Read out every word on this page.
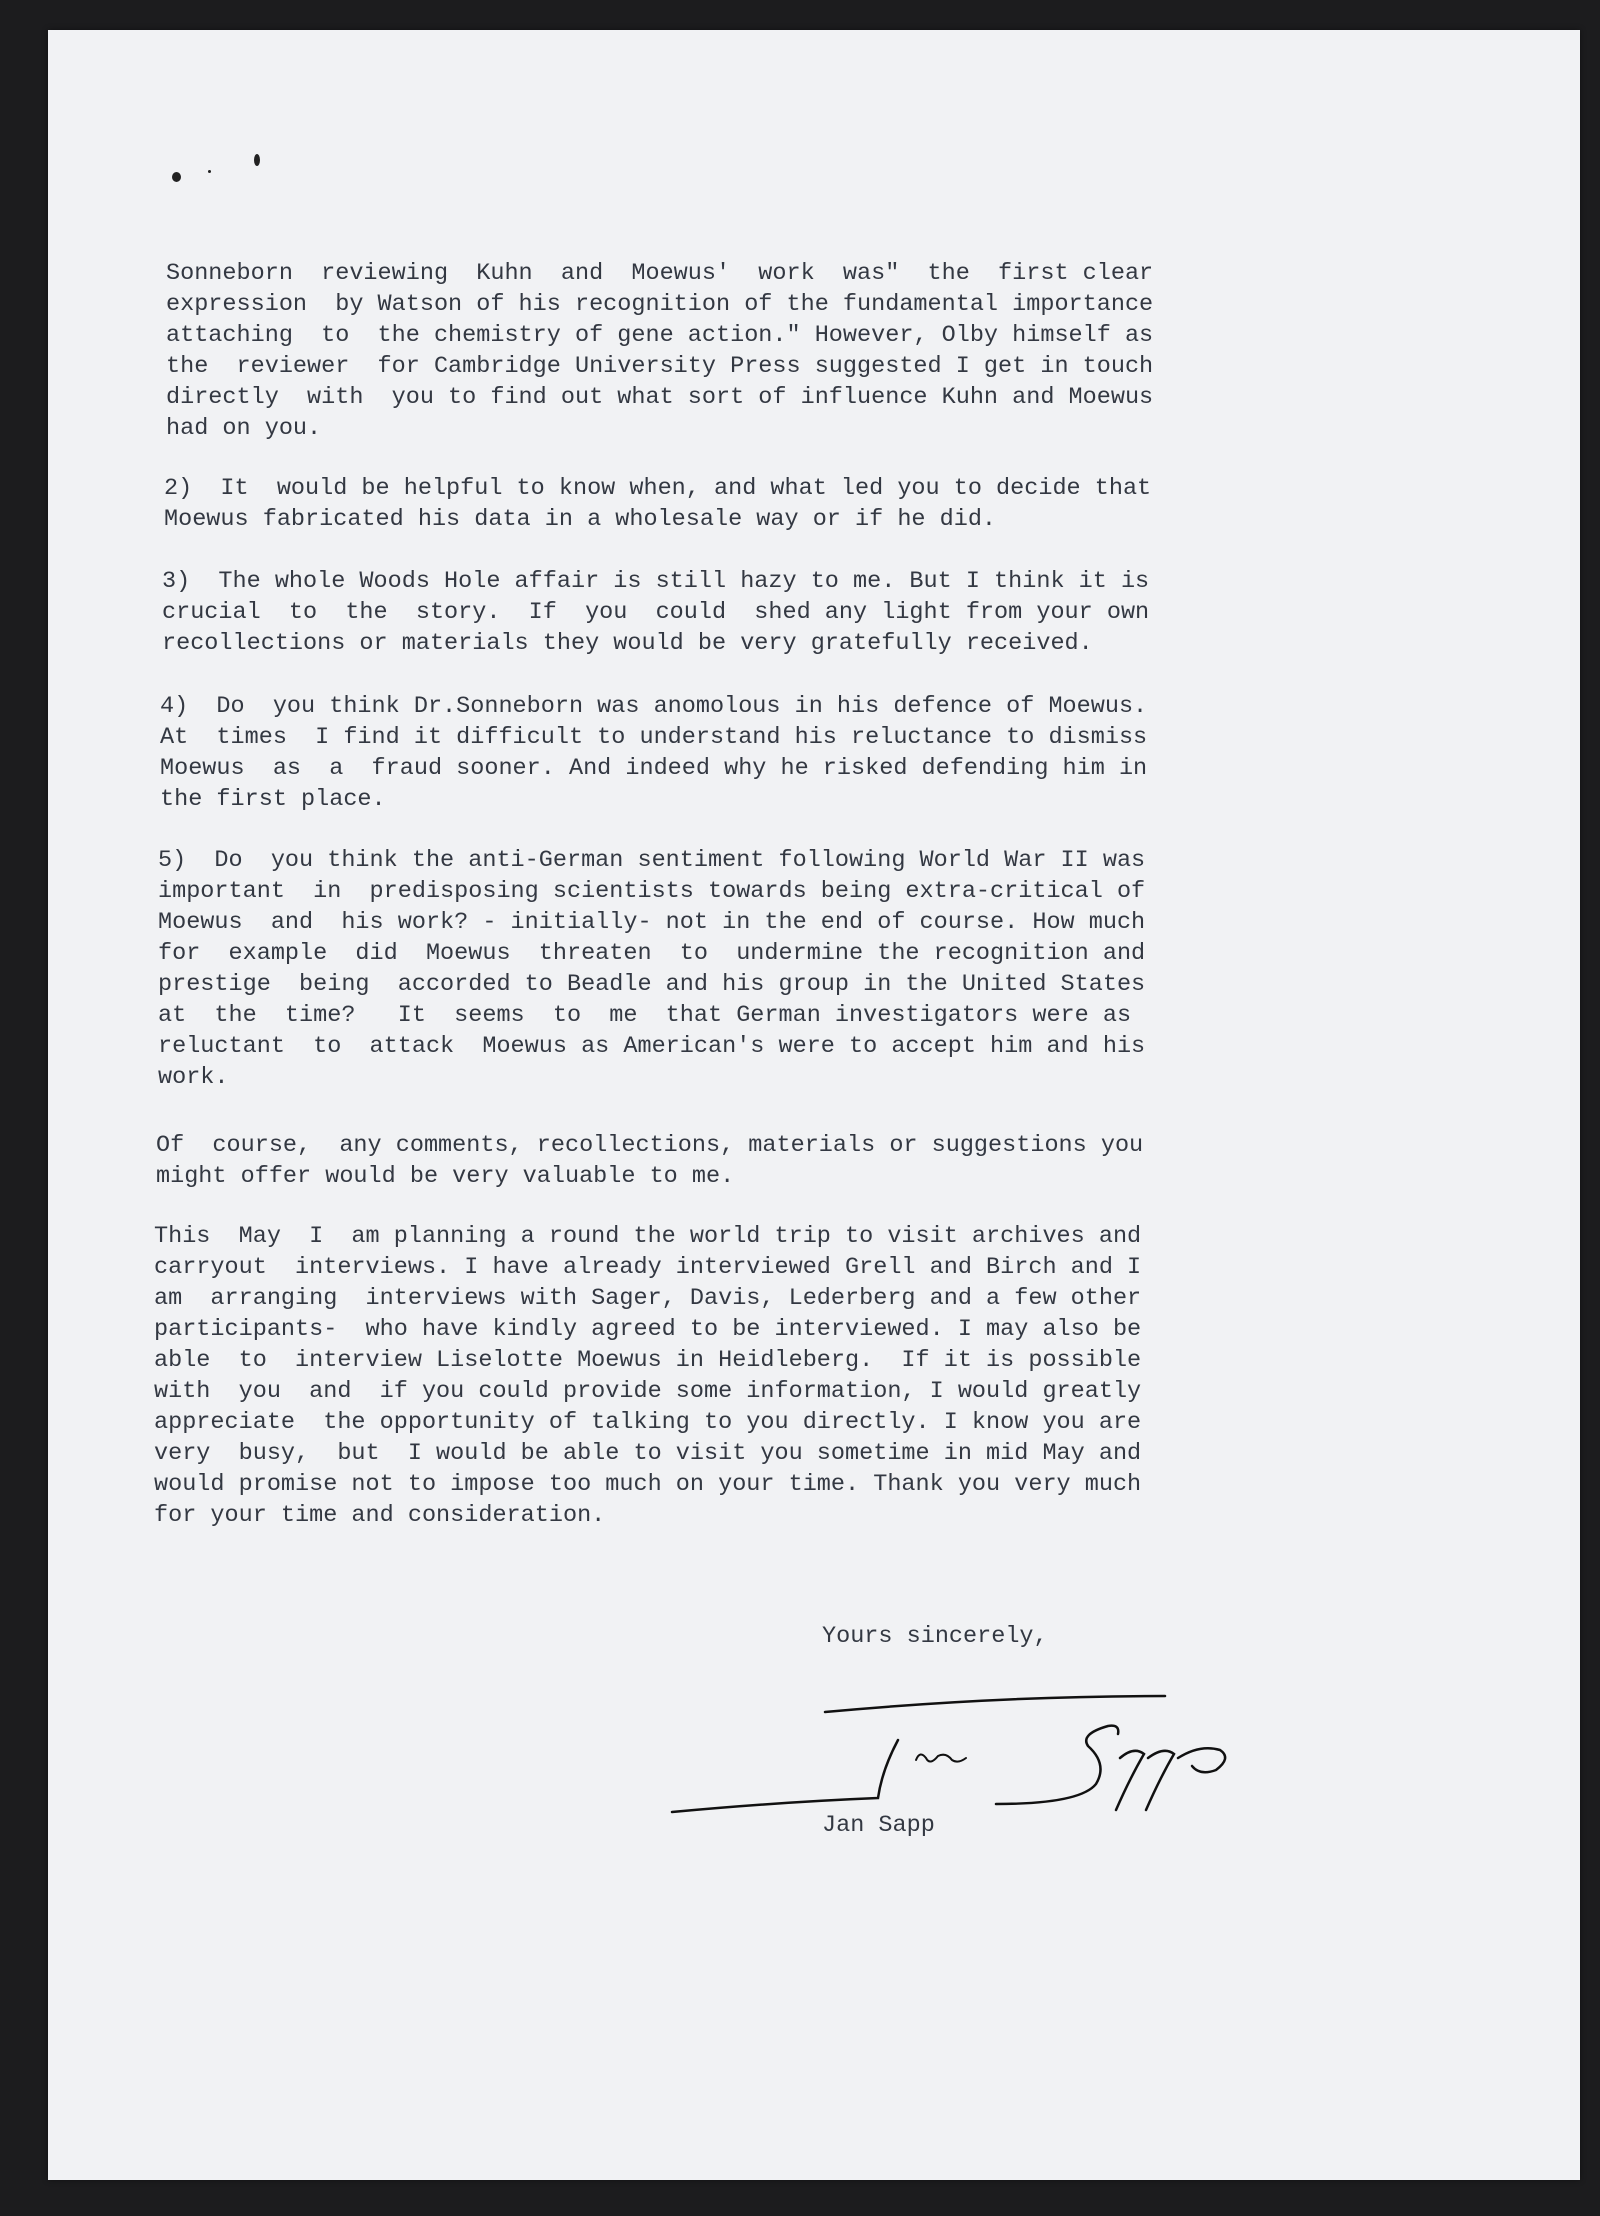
Sonneborn  reviewing  Kuhn  and  Moewus'  work  was"  the  first clear
expression  by Watson of his recognition of the fundamental importance
attaching  to  the chemistry of gene action." However, Olby himself as
the  reviewer  for Cambridge University Press suggested I get in touch
directly  with  you to find out what sort of influence Kuhn and Moewus
had on you.
2)  It  would be helpful to know when, and what led you to decide that
Moewus fabricated his data in a wholesale way or if he did.
3)  The whole Woods Hole affair is still hazy to me. But I think it is
crucial  to  the  story.  If  you  could  shed any light from your own
recollections or materials they would be very gratefully received.
4)  Do  you think Dr.Sonneborn was anomolous in his defence of Moewus.
At  times  I find it difficult to understand his reluctance to dismiss
Moewus  as  a  fraud sooner. And indeed why he risked defending him in
the first place.
5)  Do  you think the anti-German sentiment following World War II was
important  in  predisposing scientists towards being extra-critical of
Moewus  and  his work? - initially- not in the end of course. How much
for  example  did  Moewus  threaten  to  undermine the recognition and
prestige  being  accorded to Beadle and his group in the United States
at  the  time?   It  seems  to  me  that German investigators were as
reluctant  to  attack  Moewus as American's were to accept him and his
work.
Of  course,  any comments, recollections, materials or suggestions you
might offer would be very valuable to me.
This  May  I  am planning a round the world trip to visit archives and
carryout  interviews. I have already interviewed Grell and Birch and I
am  arranging  interviews with Sager, Davis, Lederberg and a few other
participants-  who have kindly agreed to be interviewed. I may also be
able  to  interview Liselotte Moewus in Heidleberg.  If it is possible
with  you  and  if you could provide some information, I would greatly
appreciate  the opportunity of talking to you directly. I know you are
very  busy,  but  I would be able to visit you sometime in mid May and
would promise not to impose too much on your time. Thank you very much
for your time and consideration.
Yours sincerely,
Jan Sapp
